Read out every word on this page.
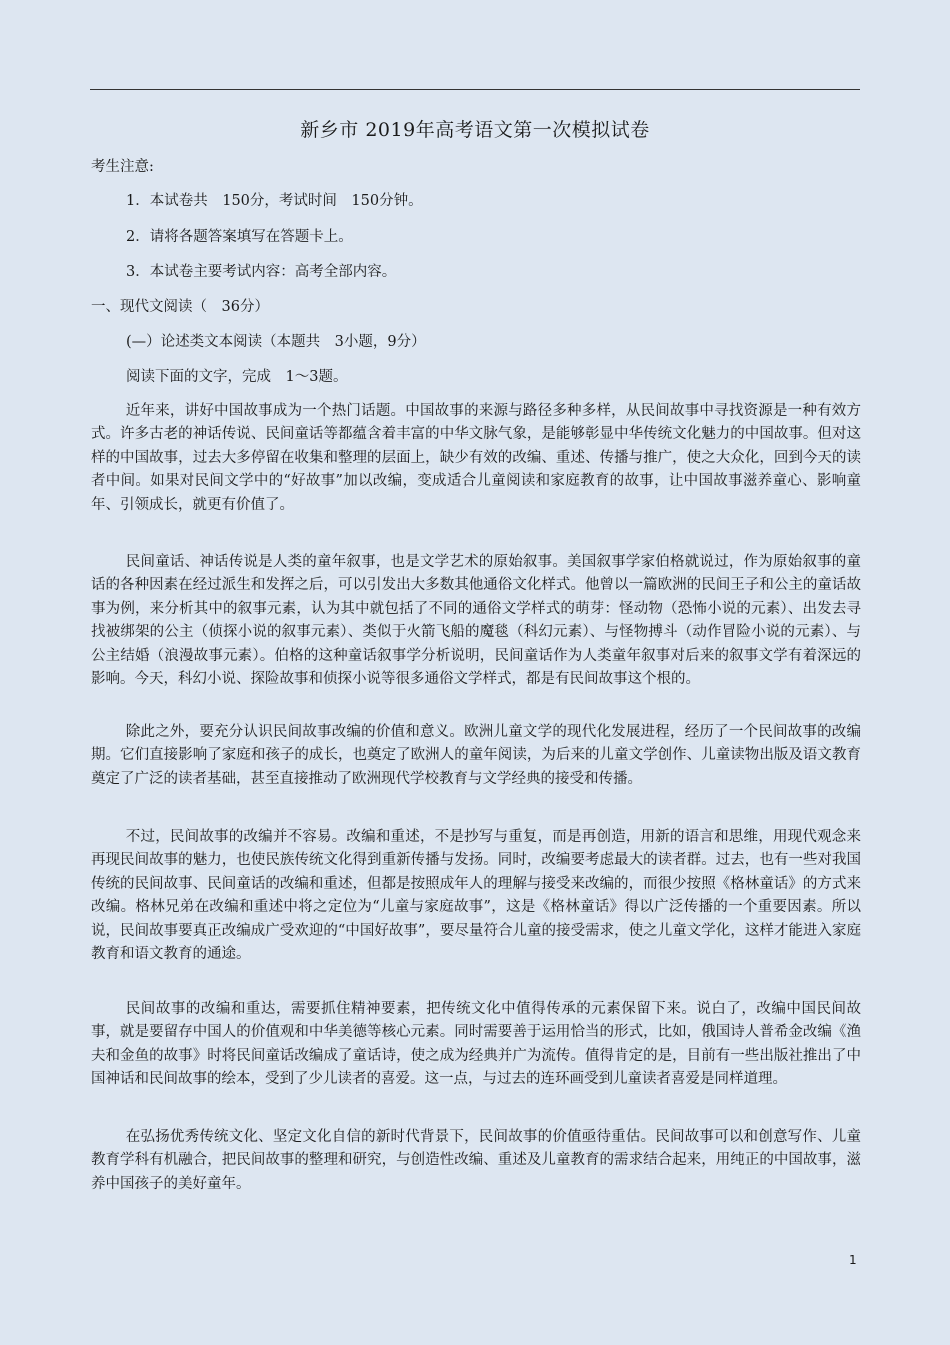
新乡市 2019年高考语文第一次模拟试卷
考生注意:
1．本试卷共　150分，考试时间　150分钟。
2．请将各题答案填写在答题卡上。
3．本试卷主要考试内容：高考全部内容。
一、现代文阅读（　36分）
(—）论述类文本阅读（本题共　3小题，9分）
阅读下面的文字，完成　1～3题。

近年来，讲好中国故事成为一个热门话题。中国故事的来源与路径多种多样，从民间故事中寻找资源是一种有效方式。许多古老的神话传说、民间童话等都蕴含着丰富的中华文脉气象，是能够彰显中华传统文化魅力的中国故事。但对这样的中国故事，过去大多停留在收集和整理的层面上，缺少有效的改编、重述、传播与推广，使之大众化，回到今天的读者中间。如果对民间文学中的“好故事”加以改编，变成适合儿童阅读和家庭教育的故事，让中国故事滋养童心、影响童年、引领成长，就更有价值了。

民间童话、神话传说是人类的童年叙事，也是文学艺术的原始叙事。美国叙事学家伯格就说过，作为原始叙事的童话的各种因素在经过派生和发挥之后，可以引发出大多数其他通俗文化样式。他曾以一篇欧洲的民间王子和公主的童话故事为例，来分析其中的叙事元素，认为其中就包括了不同的通俗文学样式的萌芽：怪动物（恐怖小说的元素）、出发去寻找被绑架的公主（侦探小说的叙事元素）、类似于火箭飞船的魔毯（科幻元素）、与怪物搏斗（动作冒险小说的元素）、与公主结婚（浪漫故事元素）。伯格的这种童话叙事学分析说明，民间童话作为人类童年叙事对后来的叙事文学有着深远的影响。今天，科幻小说、探险故事和侦探小说等很多通俗文学样式，都是有民间故事这个根的。

除此之外，要充分认识民间故事改编的价值和意义。欧洲儿童文学的现代化发展进程，经历了一个民间故事的改编期。它们直接影响了家庭和孩子的成长，也奠定了欧洲人的童年阅读，为后来的儿童文学创作、儿童读物出版及语文教育奠定了广泛的读者基础，甚至直接推动了欧洲现代学校教育与文学经典的接受和传播。

不过，民间故事的改编并不容易。改编和重述，不是抄写与重复，而是再创造，用新的语言和思维，用现代观念来再现民间故事的魅力，也使民族传统文化得到重新传播与发扬。同时，改编要考虑最大的读者群。过去，也有一些对我国传统的民间故事、民间童话的改编和重述，但都是按照成年人的理解与接受来改编的，而很少按照《格林童话》的方式来改编。格林兄弟在改编和重述中将之定位为“儿童与家庭故事”，这是《格林童话》得以广泛传播的一个重要因素。所以说，民间故事要真正改编成广受欢迎的“中国好故事”，要尽量符合儿童的接受需求，使之儿童文学化，这样才能进入家庭教育和语文教育的通途。

民间故事的改编和重达，需要抓住精神要素，把传统文化中值得传承的元素保留下来。说白了，改编中国民间故事，就是要留存中国人的价值观和中华美德等核心元素。同时需要善于运用恰当的形式，比如，俄国诗人普希金改编《渔夫和金鱼的故事》时将民间童话改编成了童话诗，使之成为经典并广为流传。值得肯定的是，目前有一些出版社推出了中国神话和民间故事的绘本，受到了少儿读者的喜爱。这一点，与过去的连环画受到儿童读者喜爱是同样道理。

在弘扬优秀传统文化、坚定文化自信的新时代背景下，民间故事的价值亟待重估。民间故事可以和创意写作、儿童教育学科有机融合，把民间故事的整理和研究，与创造性改编、重述及儿童教育的需求结合起来，用纯正的中国故事，滋养中国孩子的美好童年。

1
